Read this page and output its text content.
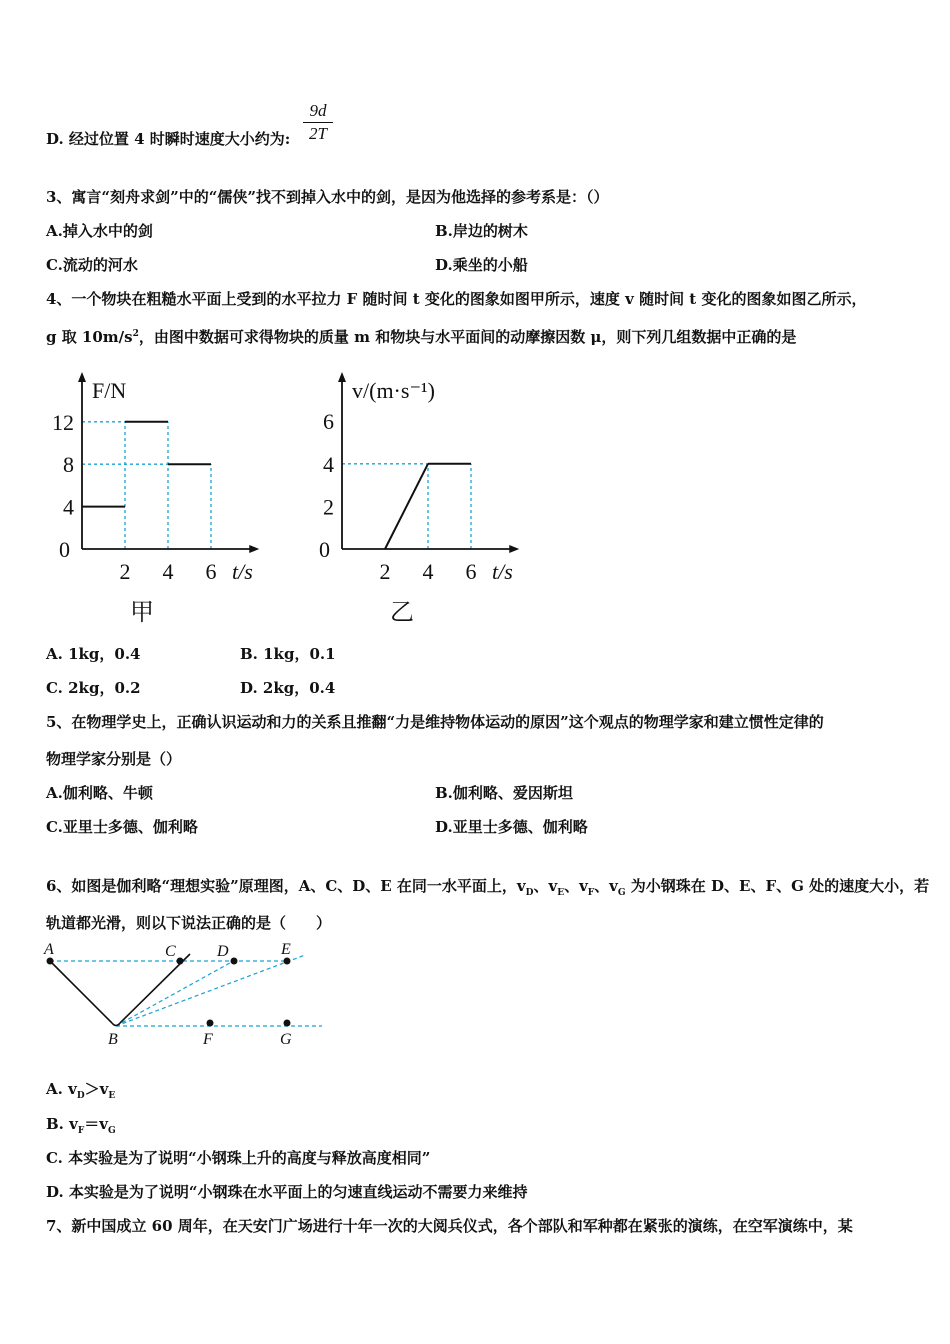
D. 经过位置 4 时瞬时速度大小约为: $\frac{9d}{2T}$
3、寓言“刻舟求剑”中的“儒侠”找不到掉入水中的剑，是因为他选择的参考系是：（）
A.掉入水中的剑	B.岸边的树木
C.流动的河水	D.乘坐的小船
4、一个物块在粗糙水平面上受到的水平拉力 F 随时间 t 变化的图象如图甲所示，速度 v 随时间 t 变化的图象如图乙所示，
g 取 $10m/s^2$，由图中数据可求得物块的质量 m 和物块与水平面间的动摩擦因数 μ，则下列几组数据中正确的是
2 4 6
4
8
12
0
t/s
F/N
甲
2 4 6
2
4
6
0
t/s
v/(m·s⁻¹)
乙
A. 1kg，0.4	B. 1kg，0.1
C. 2kg，0.2	D. 2kg，0.4
5、在物理学史上，正确认识运动和力的关系且推翻“力是维持物体运动的原因”这个观点的物理学家和建立惯性定律的
物理学家分别是（）
A.伽利略、牛顿	B.伽利略、爱因斯坦
C.亚里士多德、伽利略	D.亚里士多德、伽利略
6、如图是伽利略“理想实验”原理图，A、C、D、E 在同一水平面上，$v_D$、$v_E$、$v_F$、$v_G$ 为小钢珠在 D、E、F、G 处的速度大小，若
轨道都光滑，则以下说法正确的是（　　）
A	C	D	E
B	F	G
A. $v_D>v_E$
B. $v_F=v_G$
C. 本实验是为了说明“小钢珠上升的高度与释放高度相同”
D. 本实验是为了说明“小钢珠在水平面上的匀速直线运动不需要力来维持
7、新中国成立 60 周年，在天安门广场进行十年一次的大阅兵仪式，各个部队和军种都在紧张的演练，在空军演练中，某
